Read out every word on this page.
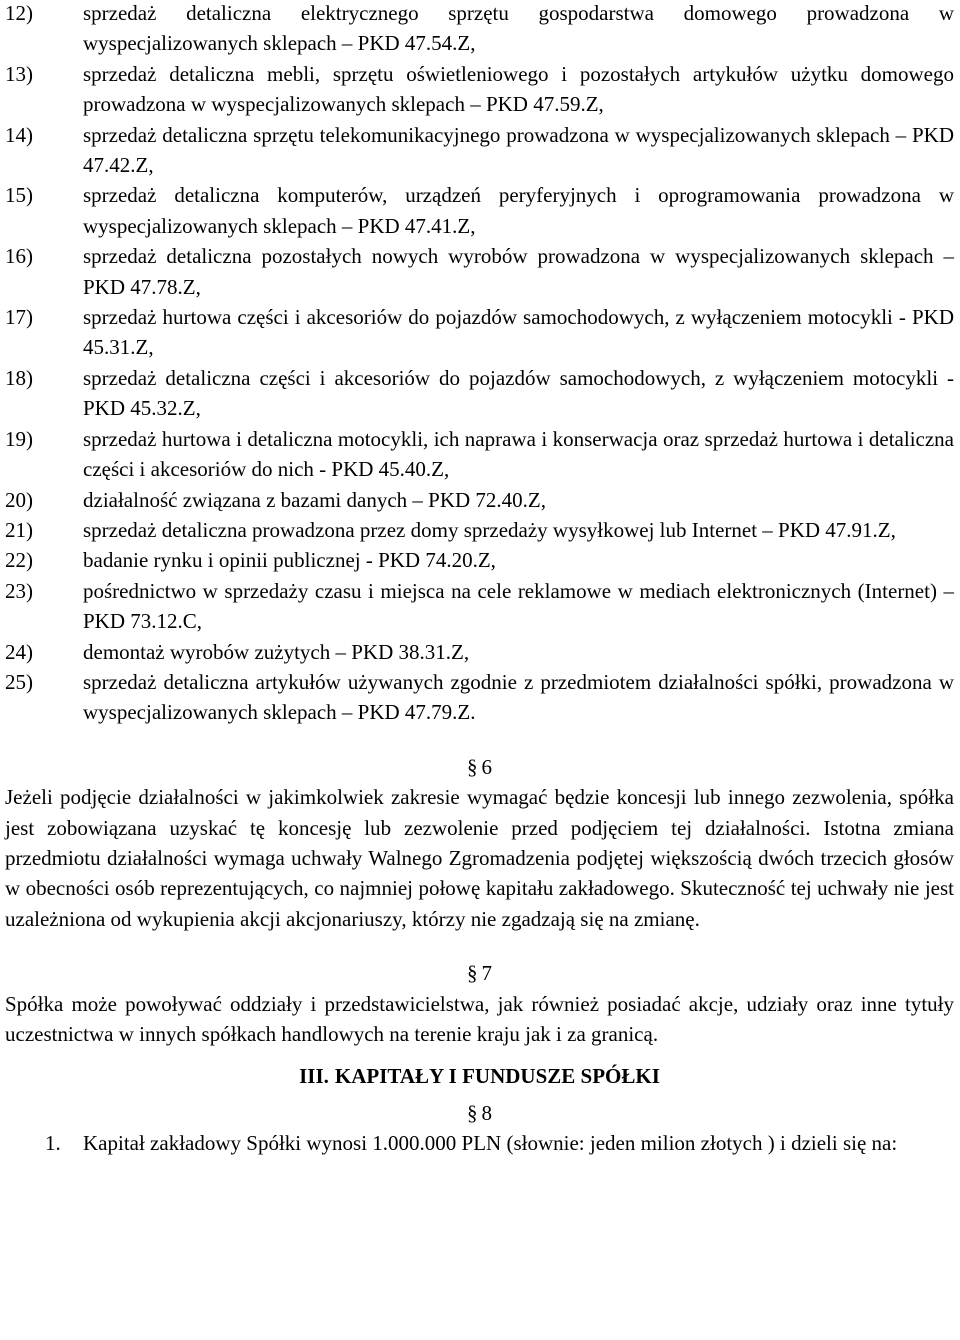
12)	sprzedaż detaliczna elektrycznego sprzętu gospodarstwa domowego prowadzona w wyspecjalizowanych sklepach – PKD 47.54.Z,
13)	sprzedaż detaliczna mebli, sprzętu oświetleniowego i pozostałych artykułów użytku domowego prowadzona w wyspecjalizowanych sklepach – PKD 47.59.Z,
14)	sprzedaż detaliczna sprzętu telekomunikacyjnego prowadzona w wyspecjalizowanych sklepach – PKD 47.42.Z,
15)	sprzedaż detaliczna komputerów, urządzeń peryferyjnych i oprogramowania prowadzona w wyspecjalizowanych sklepach – PKD 47.41.Z,
16)	sprzedaż detaliczna pozostałych nowych wyrobów prowadzona w wyspecjalizowanych sklepach – PKD 47.78.Z,
17)	sprzedaż hurtowa części i akcesoriów do pojazdów samochodowych, z wyłączeniem motocykli - PKD 45.31.Z,
18)	sprzedaż detaliczna części i akcesoriów do pojazdów samochodowych, z wyłączeniem motocykli - PKD 45.32.Z,
19)	sprzedaż hurtowa i detaliczna motocykli, ich naprawa i konserwacja oraz sprzedaż hurtowa i detaliczna części i akcesoriów do nich - PKD 45.40.Z,
20)	działalność związana z bazami danych – PKD 72.40.Z,
21)	sprzedaż detaliczna prowadzona przez domy sprzedaży wysyłkowej lub Internet – PKD 47.91.Z,
22)	badanie rynku i opinii publicznej - PKD 74.20.Z,
23)	pośrednictwo w sprzedaży czasu i miejsca na cele reklamowe w mediach elektronicznych (Internet) – PKD 73.12.C,
24)	demontaż wyrobów zużytych – PKD 38.31.Z,
25)	sprzedaż detaliczna artykułów używanych zgodnie z przedmiotem działalności spółki, prowadzona w wyspecjalizowanych sklepach – PKD 47.79.Z.

§ 6

Jeżeli podjęcie działalności w jakimkolwiek zakresie wymagać będzie koncesji lub innego zezwolenia, spółka jest zobowiązana uzyskać tę koncesję lub zezwolenie przed podjęciem tej działalności. Istotna zmiana przedmiotu działalności wymaga uchwały Walnego Zgromadzenia podjętej większością dwóch trzecich głosów w obecności osób reprezentujących, co najmniej połowę kapitału zakładowego. Skuteczność tej uchwały nie jest uzależniona od wykupienia akcji akcjonariuszy, którzy nie zgadzają się na zmianę.

§ 7

Spółka może powoływać oddziały i przedstawicielstwa, jak również posiadać akcje, udziały oraz inne tytuły uczestnictwa w innych spółkach handlowych na terenie kraju jak i za granicą.

III. KAPITAŁY I FUNDUSZE SPÓŁKI

§ 8

1.	Kapitał zakładowy Spółki wynosi 1.000.000 PLN (słownie: jeden milion złotych ) i dzieli się na:
